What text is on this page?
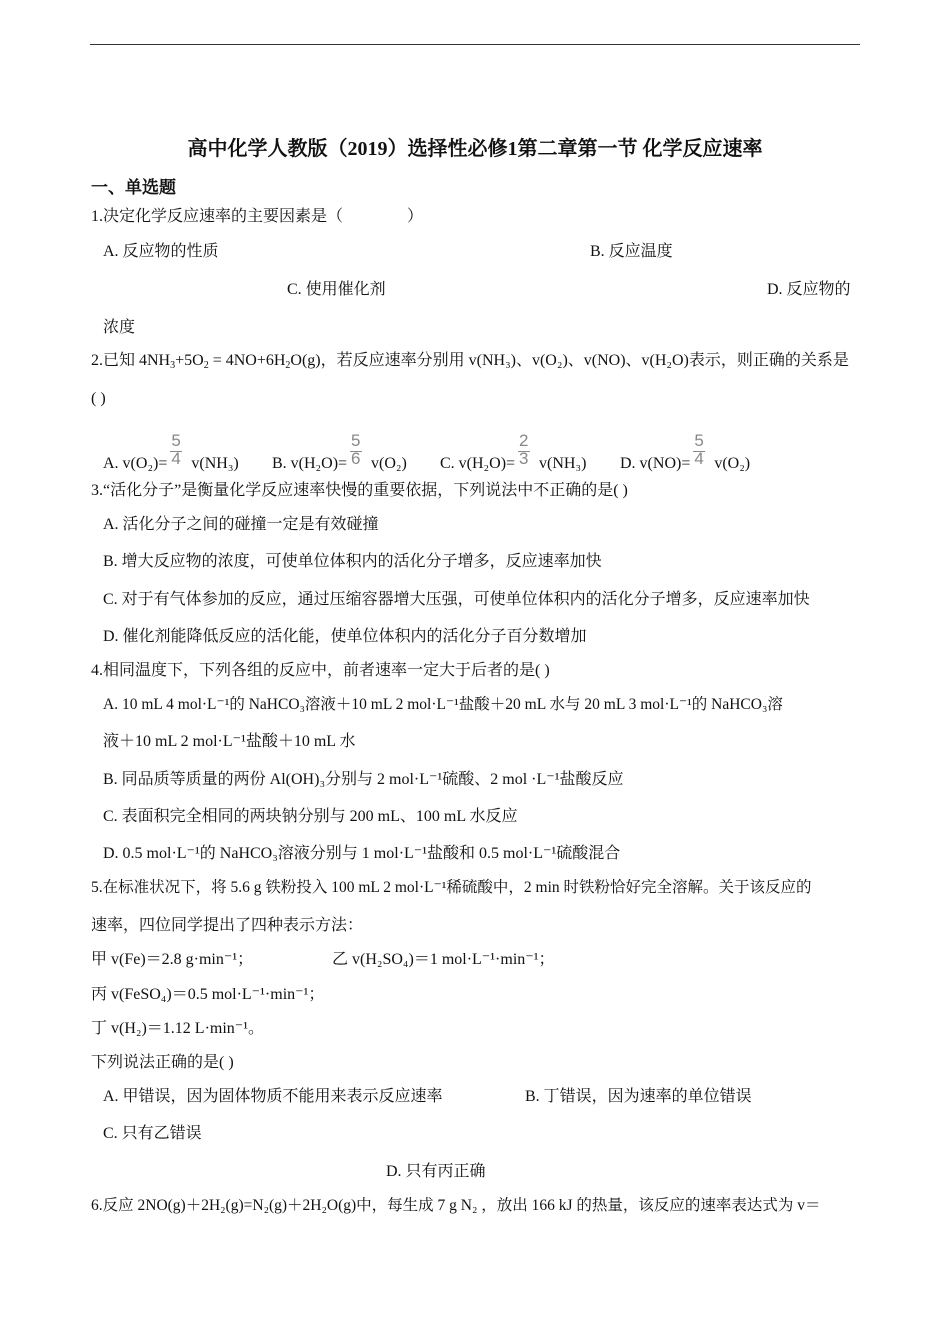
高中化学人教版（2019）选择性必修1第二章第一节 化学反应速率
一、单选题
1.决定化学反应速率的主要因素是（　　　　）
A. 反应物的性质	B. 反应温度
C. 使用催化剂	D. 反应物的
浓度
2.已知 $4NH_3+5O_2 = 4NO+6H_2O(g)$，若反应速率分别用 v(NH₃)、v(O₂)、v(NO)、v(H₂O)表示，则正确的关系是
( )
A. $v(O_2)= \frac{5}{4} v(NH_3)$ B. $v(H_2O)= \frac{5}{6} v(O_2)$ C. $v(H_2O)= \frac{2}{3} v(NH_3)$ D. $v(NO)= \frac{5}{4} v(O_2)$
3.“活化分子”是衡量化学反应速率快慢的重要依据，下列说法中不正确的是( )
A. 活化分子之间的碰撞一定是有效碰撞
B. 增大反应物的浓度，可使单位体积内的活化分子增多，反应速率加快
C. 对于有气体参加的反应，通过压缩容器增大压强，可使单位体积内的活化分子增多，反应速率加快
D. 催化剂能降低反应的活化能，使单位体积内的活化分子百分数增加
4.相同温度下，下列各组的反应中，前者速率一定大于后者的是( )
A. 10 mL 4 mol·L⁻¹的 NaHCO₃溶液＋10 mL 2 mol·L⁻¹盐酸＋20 mL 水与 20 mL 3 mol·L⁻¹的 NaHCO₃溶
液＋10 mL 2 mol·L⁻¹盐酸＋10 mL 水
B. 同品质等质量的两份 Al(OH)₃分别与 2 mol·L⁻¹硫酸、2 mol ·L⁻¹盐酸反应
C. 表面积完全相同的两块钠分别与 200 mL、100 mL 水反应
D. 0.5 mol·L⁻¹的 NaHCO₃溶液分别与 1 mol·L⁻¹盐酸和 0.5 mol·L⁻¹硫酸混合
5.在标准状况下，将 5.6 g 铁粉投入 100 mL 2 mol·L⁻¹稀硫酸中，2 min 时铁粉恰好完全溶解。关于该反应的
速率，四位同学提出了四种表示方法：
甲 v(Fe)＝2.8 g·min⁻¹；	乙 v(H₂SO₄)＝1 mol·L⁻¹·min⁻¹；
丙 v(FeSO₄)＝0.5 mol·L⁻¹·min⁻¹；
丁 v(H₂)＝1.12 L·min⁻¹。
下列说法正确的是( )
A. 甲错误，因为固体物质不能用来表示反应速率	B. 丁错误，因为速率的单位错误
C. 只有乙错误
D. 只有丙正确
6.反应 2NO(g)＋2H₂(g)=N₂(g)＋2H₂O(g)中，每生成 7 g N₂ ，放出 166 kJ 的热量，该反应的速率表达式为 v＝
